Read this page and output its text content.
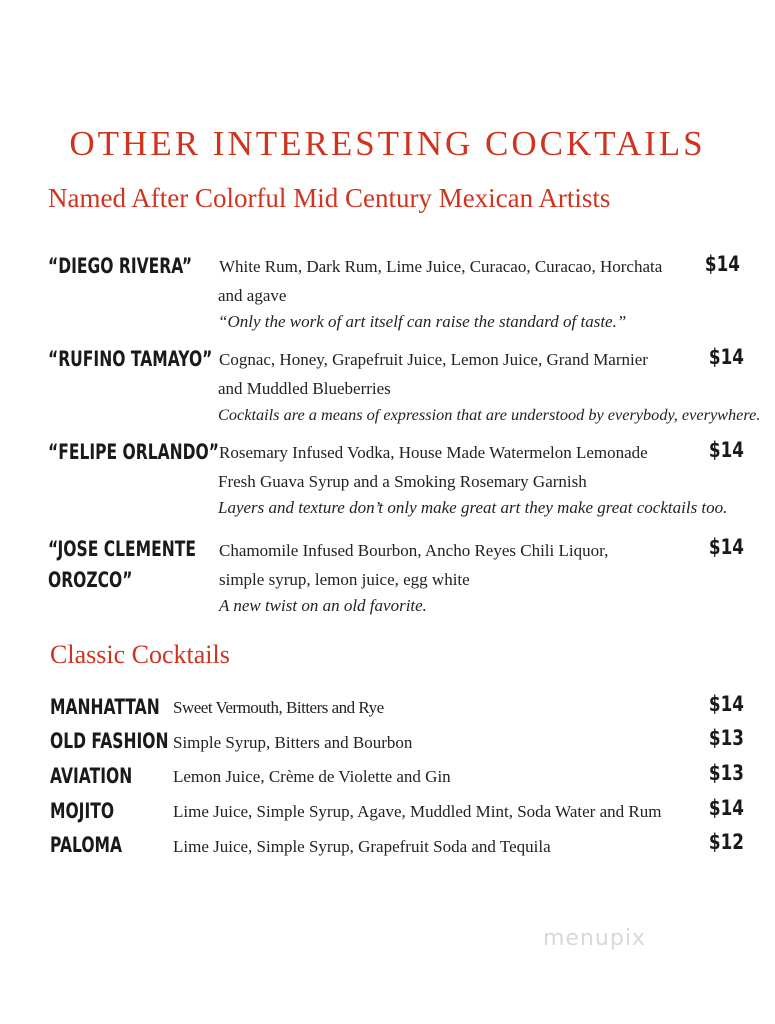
OTHER INTERESTING COCKTAILS
Named After Colorful Mid Century Mexican Artists
“DIEGO RIVERA” White Rum, Dark Rum, Lime Juice, Curacao, Curacao, Horchata
and agave
“Only the work of art itself can raise the standard of taste.”
$14
“RUFINO TAMAYO” Cognac, Honey, Grapefruit Juice, Lemon Juice, Grand Marnier
and Muddled Blueberries
Cocktails are a means of expression that are understood by everybody, everywhere.
$14
“FELIPE ORLANDO” Rosemary Infused Vodka, House Made Watermelon Lemonade
Fresh Guava Syrup and a Smoking Rosemary Garnish
Layers and texture don’t only make great art they make great cocktails too.
$14
“JOSE CLEMENTE
OROZCO”
Chamomile Infused Bourbon, Ancho Reyes Chili Liquor,
simple syrup, lemon juice, egg white
A new twist on an old favorite.
$14
Classic Cocktails
MANHATTAN Sweet Vermouth, Bitters and Rye	$14
OLD FASHION Simple Syrup, Bitters and Bourbon	$13
AVIATION Lemon Juice, Crème de Violette and Gin	$13
MOJITO	Lime Juice, Simple Syrup, Agave, Muddled Mint, Soda Water and Rum	$14
PALOMA	Lime Juice, Simple Syrup, Grapefruit Soda and Tequila	$12
menupix
